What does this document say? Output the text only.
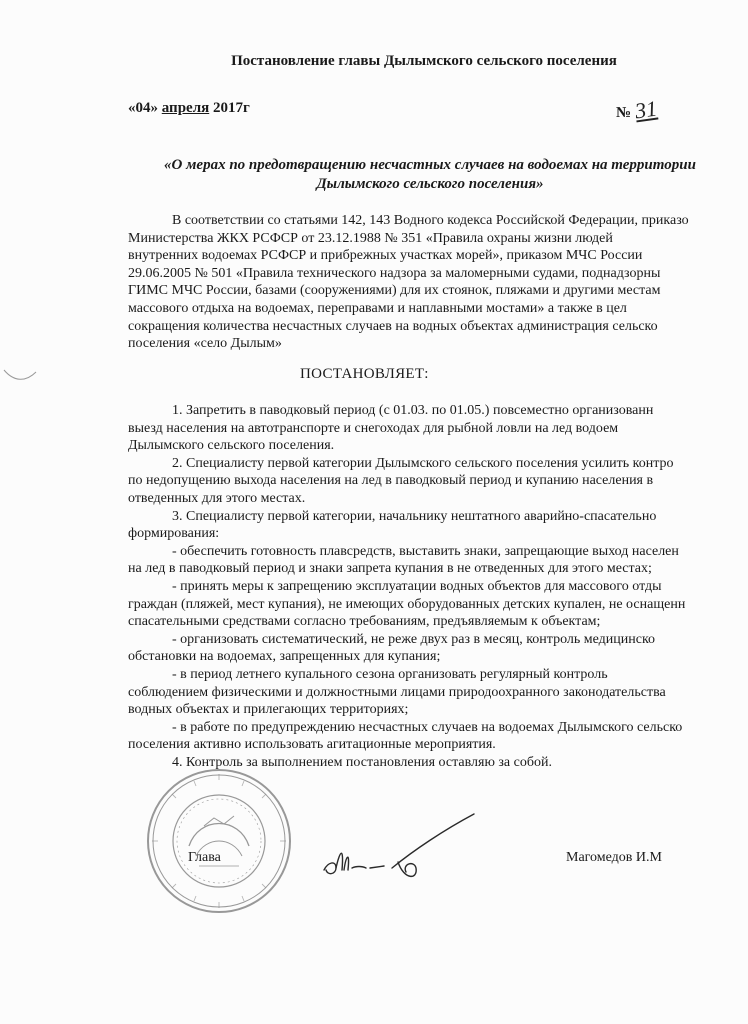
Постановление главы Дылымского сельского поселения
«04» апреля 2017г	№ 31
«О мерах по предотвращению несчастных случаев на водоемах на территории
Дылымского сельского поселения»
В соответствии со статьями 142, 143 Водного кодекса Российской Федерации, приказо
Министерства ЖКХ РСФСР от 23.12.1988 № 351 «Правила охраны жизни людей
внутренних водоемах РСФСР и прибрежных участках морей», приказом МЧС России
29.06.2005 № 501 «Правила технического надзора за маломерными судами, поднадзорны
ГИМС МЧС России, базами (сооружениями) для их стоянок, пляжами и другими местам
массового отдыха на водоемах, переправами и наплавными мостами» а также в цел
сокращения количества несчастных случаев на водных объектах администрация сельско
поселения «село Дылым»
ПОСТАНОВЛЯЕТ:
1. Запретить в паводковый период (с 01.03. по 01.05.) повсеместно организованн
выезд населения на автотранспорте и снегоходах для рыбной ловли на лед водоем
Дылымского сельского поселения.
2. Специалисту первой категории Дылымского сельского поселения усилить контро
по недопущению выхода населения на лед в паводковый период и купанию населения в
отведенных для этого местах.
3. Специалисту первой категории, начальнику нештатного аварийно-спасательно
формирования:
- обеспечить готовность плавсредств, выставить знаки, запрещающие выход населен
на лед в паводковый период и знаки запрета купания в не отведенных для этого местах;
- принять меры к запрещению эксплуатации водных объектов для массового отды
граждан (пляжей, мест купания), не имеющих оборудованных детских купален, не оснащенн
спасательными средствами согласно требованиям, предъявляемым к объектам;
- организовать систематический, не реже двух раз в месяц, контроль медицинско
обстановки на водоемах, запрещенных для купания;
- в период летнего купального сезона организовать регулярный контроль
соблюдением физическими и должностными лицами природоохранного законодательства
водных объектах и прилегающих территориях;
- в работе по предупреждению несчастных случаев на водоемах Дылымского сельско
поселения активно использовать агитационные мероприятия.
4. Контроль за выполнением постановления оставляю за собой.
Глава	Магомедов И.М
